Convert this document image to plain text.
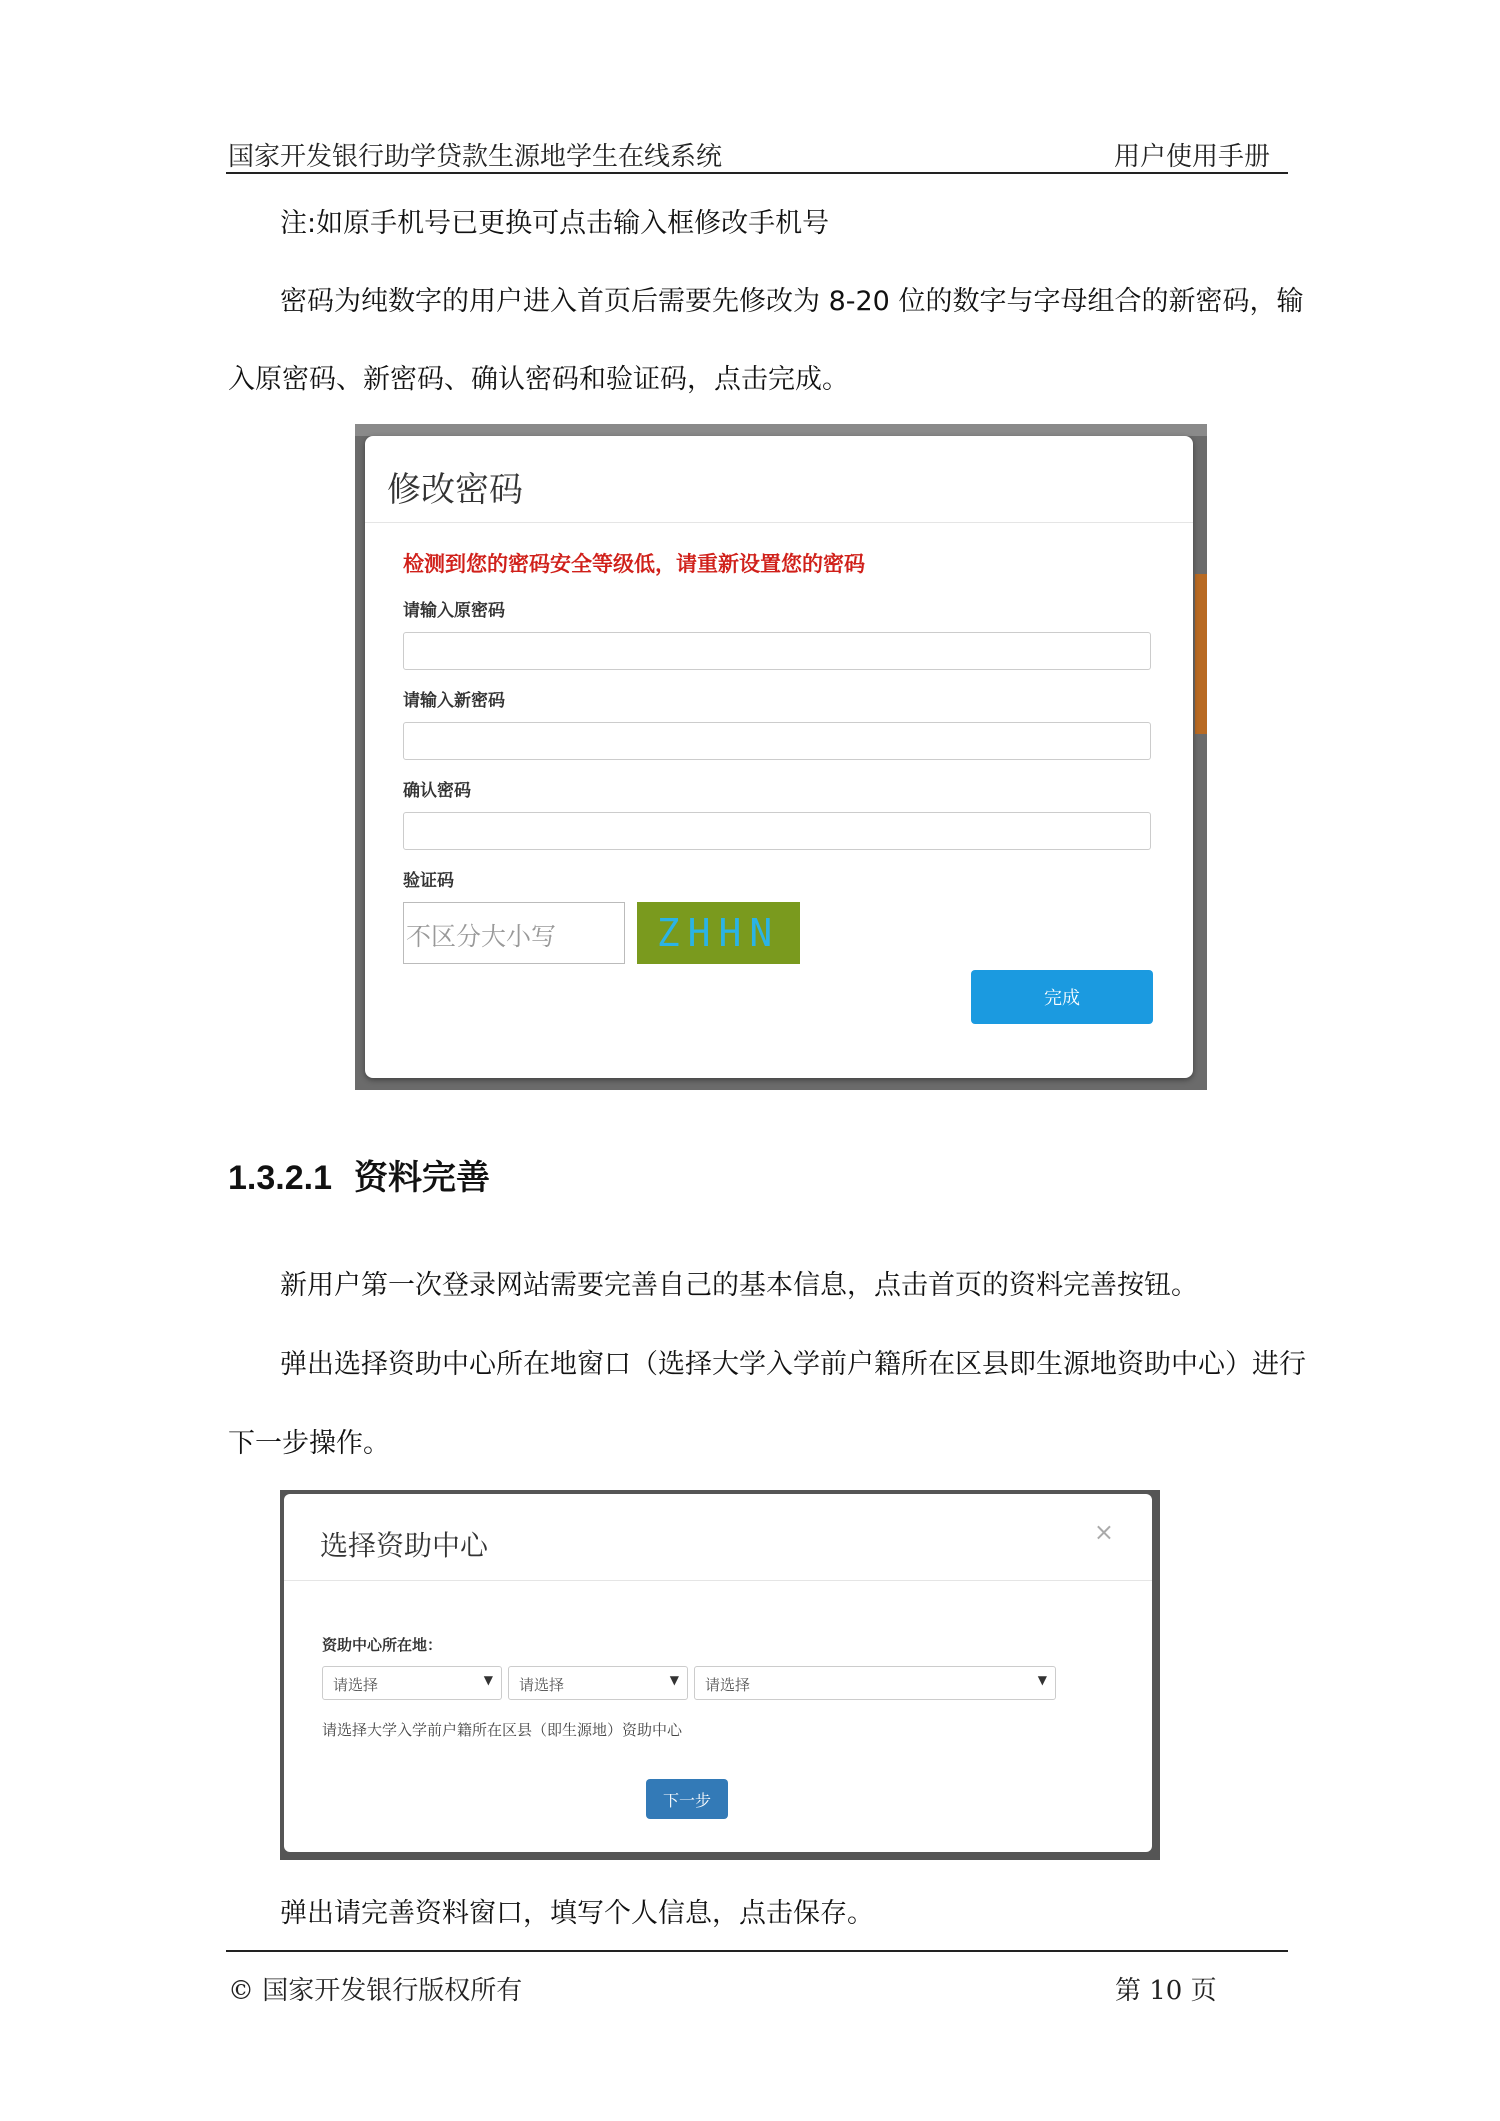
国家开发银行助学贷款生源地学生在线系统	用户使用手册
注:如原手机号已更换可点击输入框修改手机号
密码为纯数字的用户进入首页后需要先修改为 8-20 位的数字与字母组合的新密码，输
入原密码、新密码、确认密码和验证码，点击完成。
修改密码
检测到您的密码安全等级低，请重新设置您的密码
请输入原密码
请输入新密码
确认密码
验证码
不区分大小写	ZHHN
完成
1.3.2.1 资料完善
新用户第一次登录网站需要完善自己的基本信息，点击首页的资料完善按钮。
弹出选择资助中心所在地窗口（选择大学入学前户籍所在区县即生源地资助中心）进行
下一步操作。
选择资助中心	×
资助中心所在地：
请选择	▼	请选择	▼	请选择	▼
请选择大学入学前户籍所在区县（即生源地）资助中心
下一步
弹出请完善资料窗口，填写个人信息，点击保存。
© 国家开发银行版权所有	第 10 页
